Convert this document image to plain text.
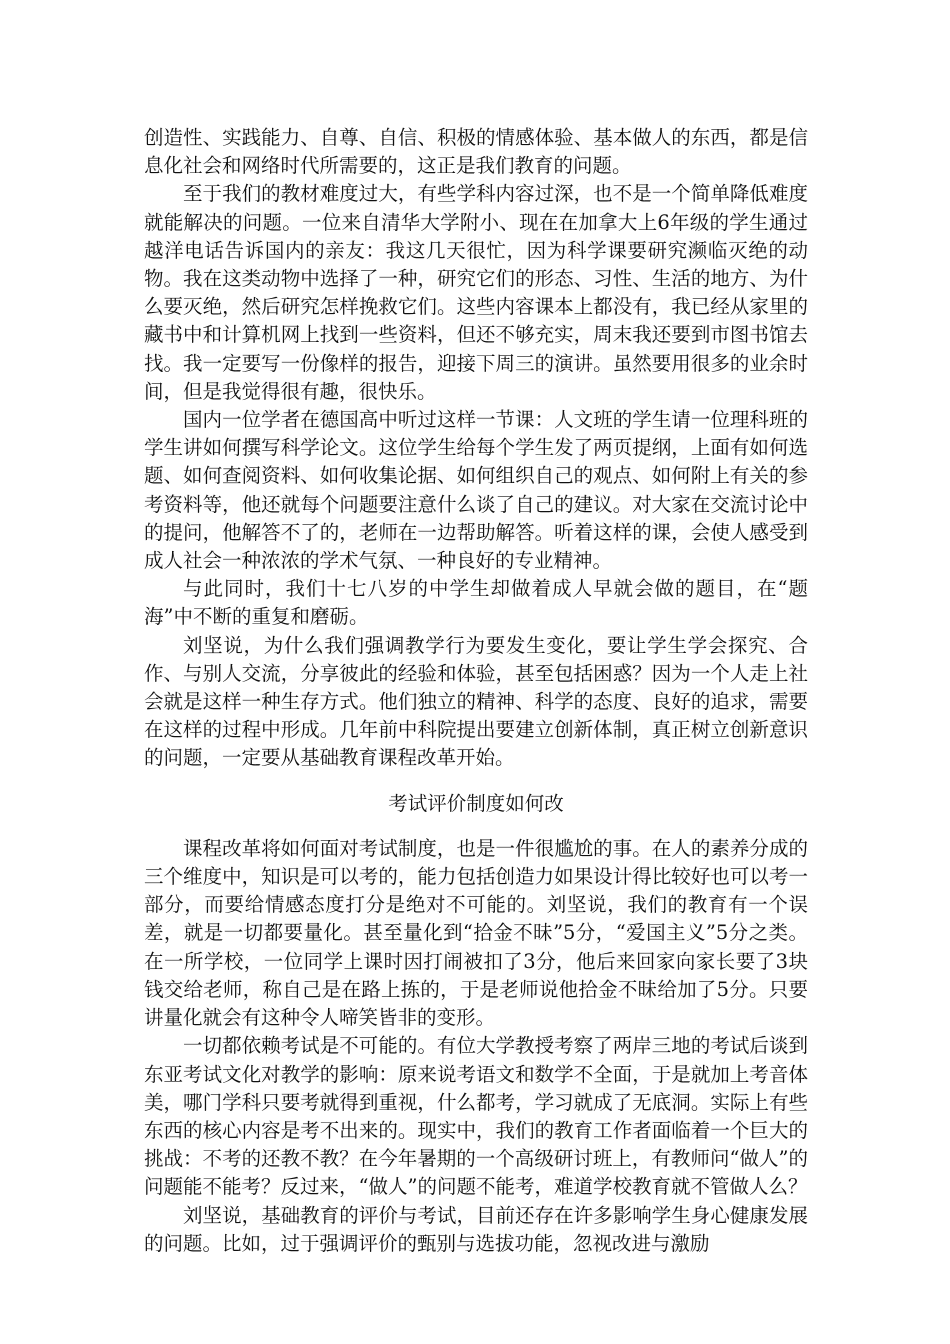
创造性、实践能力、自尊、自信、积极的情感体验、基本做人的东西，都是信息化社会和网络时代所需要的，这正是我们教育的问题。

至于我们的教材难度过大，有些学科内容过深，也不是一个简单降低难度就能解决的问题。一位来自清华大学附小、现在在加拿大上6年级的学生通过越洋电话告诉国内的亲友：我这几天很忙，因为科学课要研究濒临灭绝的动物。我在这类动物中选择了一种，研究它们的形态、习性、生活的地方、为什么要灭绝，然后研究怎样挽救它们。这些内容课本上都没有，我已经从家里的藏书中和计算机网上找到一些资料，但还不够充实，周末我还要到市图书馆去找。我一定要写一份像样的报告，迎接下周三的演讲。虽然要用很多的业余时间，但是我觉得很有趣，很快乐。

国内一位学者在德国高中听过这样一节课：人文班的学生请一位理科班的学生讲如何撰写科学论文。这位学生给每个学生发了两页提纲，上面有如何选题、如何查阅资料、如何收集论据、如何组织自己的观点、如何附上有关的参考资料等，他还就每个问题要注意什么谈了自己的建议。对大家在交流讨论中的提问，他解答不了的，老师在一边帮助解答。听着这样的课，会使人感受到成人社会一种浓浓的学术气氛、一种良好的专业精神。

与此同时，我们十七八岁的中学生却做着成人早就会做的题目，在“题海”中不断的重复和磨砺。

刘坚说，为什么我们强调教学行为要发生变化，要让学生学会探究、合作、与别人交流，分享彼此的经验和体验，甚至包括困惑？因为一个人走上社会就是这样一种生存方式。他们独立的精神、科学的态度、良好的追求，需要在这样的过程中形成。几年前中科院提出要建立创新体制，真正树立创新意识的问题，一定要从基础教育课程改革开始。

考试评价制度如何改

课程改革将如何面对考试制度，也是一件很尴尬的事。在人的素养分成的三个维度中，知识是可以考的，能力包括创造力如果设计得比较好也可以考一部分，而要给情感态度打分是绝对不可能的。刘坚说，我们的教育有一个误差，就是一切都要量化。甚至量化到“拾金不昧”5分，“爱国主义”5分之类。在一所学校，一位同学上课时因打闹被扣了3分，他后来回家向家长要了3块钱交给老师，称自己是在路上拣的，于是老师说他拾金不昧给加了5分。只要讲量化就会有这种令人啼笑皆非的变形。

一切都依赖考试是不可能的。有位大学教授考察了两岸三地的考试后谈到东亚考试文化对教学的影响：原来说考语文和数学不全面，于是就加上考音体美，哪门学科只要考就得到重视，什么都考，学习就成了无底洞。实际上有些东西的核心内容是考不出来的。现实中，我们的教育工作者面临着一个巨大的挑战：不考的还教不教？在今年暑期的一个高级研讨班上，有教师问“做人”的问题能不能考？反过来，“做人”的问题不能考，难道学校教育就不管做人么？

刘坚说，基础教育的评价与考试，目前还存在许多影响学生身心健康发展的问题。比如，过于强调评价的甄别与选拔功能，忽视改进与激励
